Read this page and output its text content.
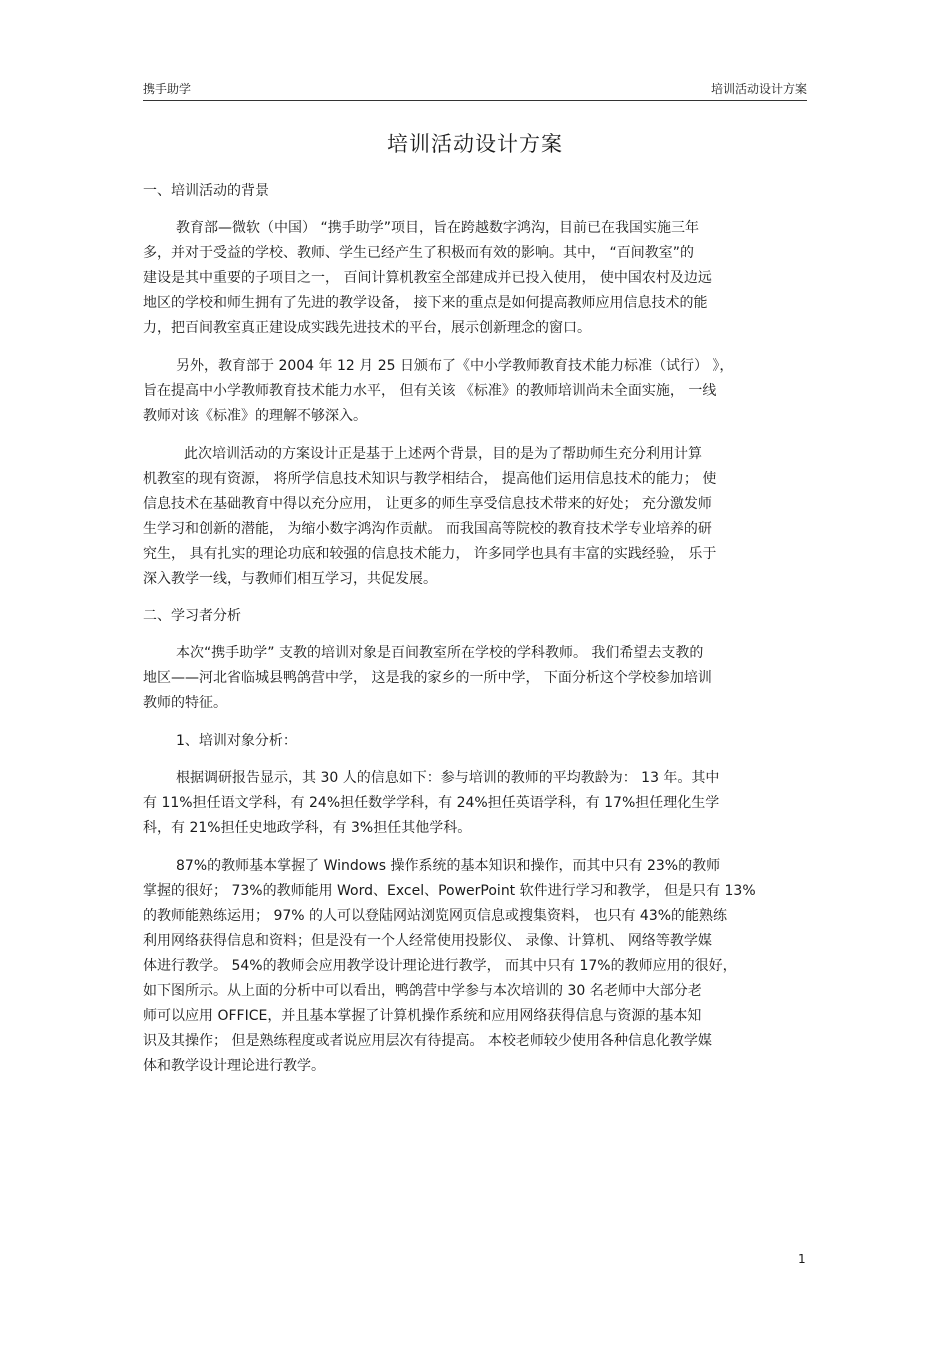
携手助学	培训活动设计方案
培训活动设计方案
一、培训活动的背景
教育部—微软（中国） “携手助学”项目，旨在跨越数字鸿沟，目前已在我国实施三年
多，并对于受益的学校、教师、学生已经产生了积极而有效的影响。其中， “百间教室”的
建设是其中重要的子项目之一， 百间计算机教室全部建成并已投入使用， 使中国农村及边远
地区的学校和师生拥有了先进的教学设备， 接下来的重点是如何提高教师应用信息技术的能
力，把百间教室真正建设成实践先进技术的平台，展示创新理念的窗口。
另外，教育部于 2004 年 12 月 25 日颁布了《中小学教师教育技术能力标准（试行） 》，
旨在提高中小学教师教育技术能力水平， 但有关该 《标准》的教师培训尚未全面实施， 一线
教师对该《标准》的理解不够深入。
此次培训活动的方案设计正是基于上述两个背景，目的是为了帮助师生充分利用计算
机教室的现有资源， 将所学信息技术知识与教学相结合， 提高他们运用信息技术的能力； 使
信息技术在基础教育中得以充分应用， 让更多的师生享受信息技术带来的好处； 充分激发师
生学习和创新的潜能， 为缩小数字鸿沟作贡献。 而我国高等院校的教育技术学专业培养的研
究生， 具有扎实的理论功底和较强的信息技术能力， 许多同学也具有丰富的实践经验， 乐于
深入教学一线，与教师们相互学习，共促发展。
二、学习者分析
本次“携手助学” 支教的培训对象是百间教室所在学校的学科教师。 我们希望去支教的
地区——河北省临城县鸭鸽营中学， 这是我的家乡的一所中学， 下面分析这个学校参加培训
教师的特征。
1、培训对象分析：
根据调研报告显示，其 30 人的信息如下：参与培训的教师的平均教龄为： 13 年。其中
有 11%担任语文学科，有 24%担任数学学科，有 24%担任英语学科，有 17%担任理化生学
科，有 21%担任史地政学科，有 3%担任其他学科。
87%的教师基本掌握了 Windows 操作系统的基本知识和操作，而其中只有 23%的教师
掌握的很好； 73%的教师能用 Word、Excel、PowerPoint 软件进行学习和教学， 但是只有 13%
的教师能熟练运用； 97% 的人可以登陆网站浏览网页信息或搜集资料， 也只有 43%的能熟练
利用网络获得信息和资料；但是没有一个人经常使用投影仪、 录像、计算机、 网络等教学媒
体进行教学。 54%的教师会应用教学设计理论进行教学， 而其中只有 17%的教师应用的很好，
如下图所示。从上面的分析中可以看出，鸭鸽营中学参与本次培训的 30 名老师中大部分老
师可以应用 OFFICE，并且基本掌握了计算机操作系统和应用网络获得信息与资源的基本知
识及其操作； 但是熟练程度或者说应用层次有待提高。 本校老师较少使用各种信息化教学媒
体和教学设计理论进行教学。
1
